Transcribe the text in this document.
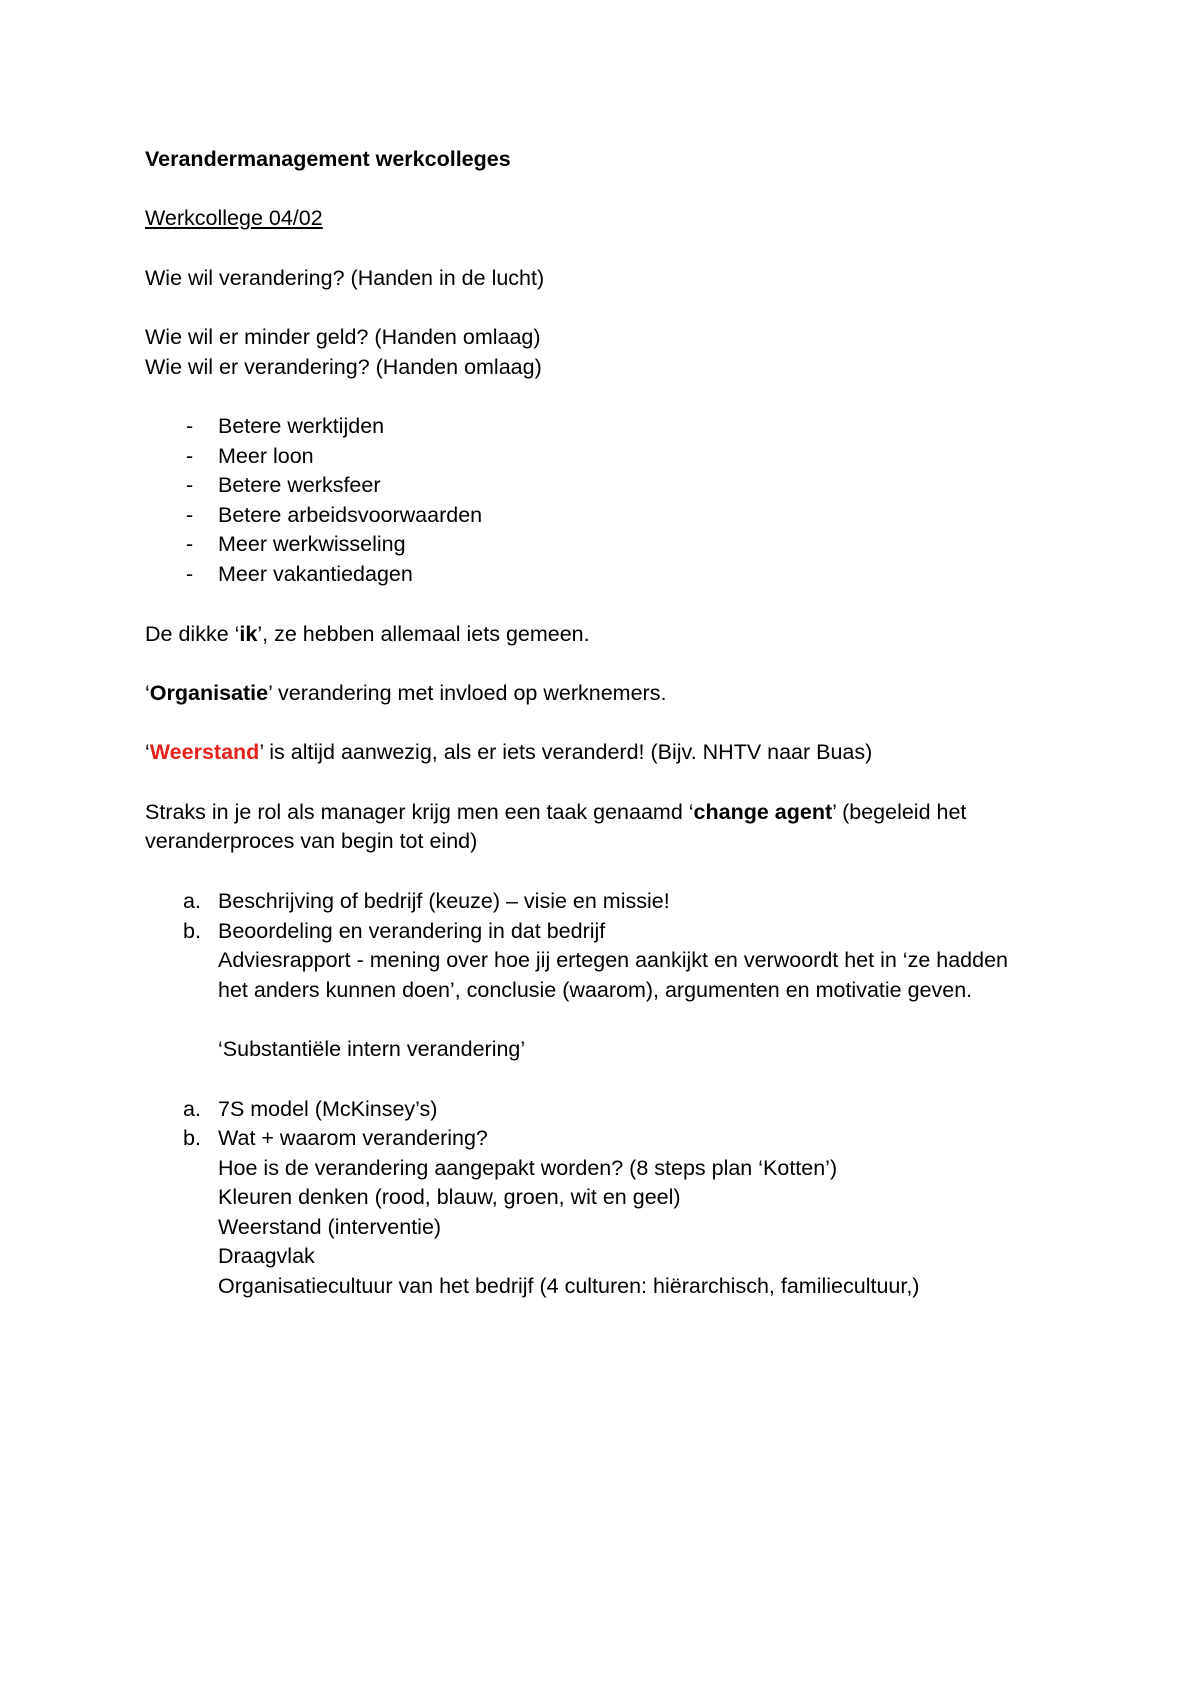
Verandermanagement werkcolleges
Werkcollege 04/02
Wie wil verandering? (Handen in de lucht)
Wie wil er minder geld? (Handen omlaag)
Wie wil er verandering? (Handen omlaag)
- Betere werktijden
- Meer loon
- Betere werksfeer
- Betere arbeidsvoorwaarden
- Meer werkwisseling
- Meer vakantiedagen
De dikke ‘ik’, ze hebben allemaal iets gemeen.
‘Organisatie’ verandering met invloed op werknemers.
‘Weerstand’ is altijd aanwezig, als er iets veranderd! (Bijv. NHTV naar Buas)
Straks in je rol als manager krijg men een taak genaamd ‘change agent’ (begeleid het
veranderproces van begin tot eind)
a. Beschrijving of bedrijf (keuze) – visie en missie!
b. Beoordeling en verandering in dat bedrijf
Adviesrapport - mening over hoe jij ertegen aankijkt en verwoordt het in ‘ze hadden
het anders kunnen doen’, conclusie (waarom), argumenten en motivatie geven.
‘Substantiële intern verandering’
a. 7S model (McKinsey’s)
b. Wat + waarom verandering?
Hoe is de verandering aangepakt worden? (8 steps plan ‘Kotten’)
Kleuren denken (rood, blauw, groen, wit en geel)
Weerstand (interventie)
Draagvlak
Organisatiecultuur van het bedrijf (4 culturen: hiërarchisch, familiecultuur,)
